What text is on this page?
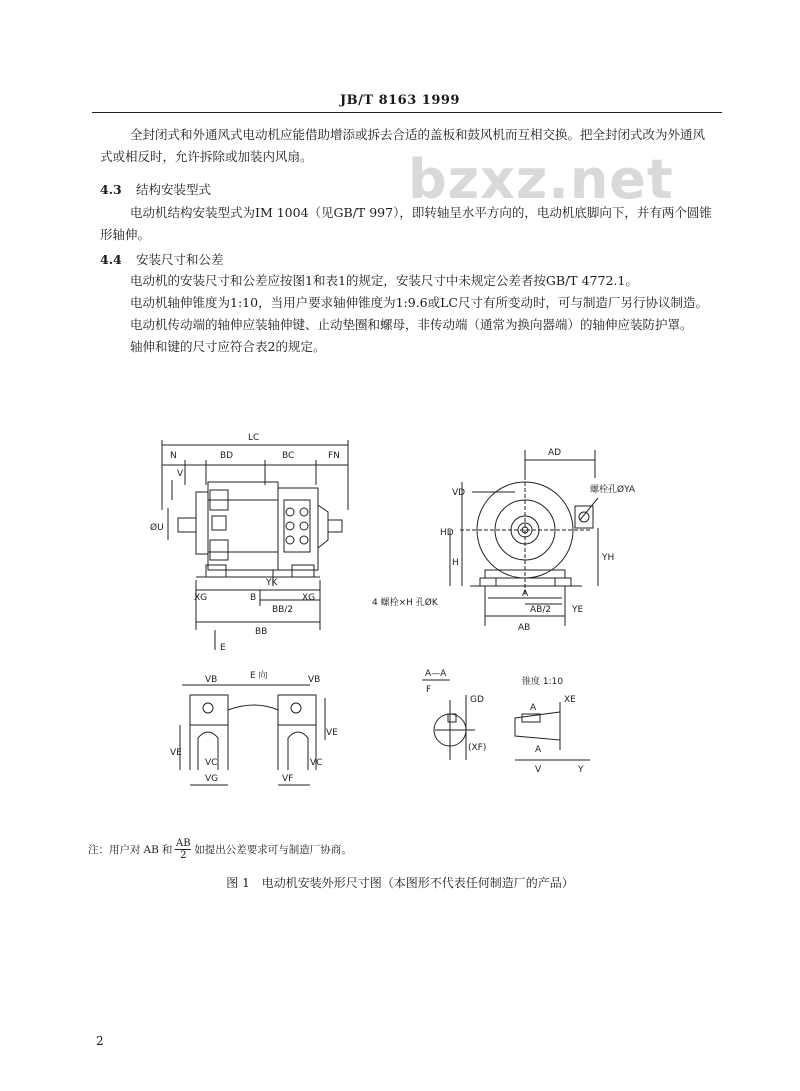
JB/T 8163 1999
bzxz.net

全封闭式和外通风式电动机应能借助增添或拆去合适的盖板和鼓风机而互相交换。把全封闭式改为外通风式或相反时，允许拆除或加装内风扇。

4.3 结构安装型式

电动机结构安装型式为IM 1004（见GB/T 997），即转轴呈水平方向的，电动机底脚向下，并有两个圆锥形轴伸。

4.4 安装尺寸和公差

电动机的安装尺寸和公差应按图1和表1的规定，安装尺寸中未规定公差者按GB/T 4772.1。

电动机轴伸锥度为1:10，当用户要求轴伸锥度为1:9.6或LC尺寸有所变动时，可与制造厂另行协议制造。

电动机传动端的轴伸应装轴伸键、止动垫圈和螺母，非传动端（通常为换向器端）的轴伸应装防护罩。

轴伸和键的尺寸应符合表2的规定。

LC
N
V
BD	BC	FN
ØU
YK
XG	B	XG
BB/2
BB
E
AD
VD	螺栓孔ØYA
HD
H	YH
A
AB/2 YE
4 螺栓×H 孔ØK
AB
VB	E 向	VB
VE
VE
VC
VG	VF
VC
A—A
F
GD
(XF)
锥度 1:10
A
XE
A
V	Y
注：用户对 AB 和 $\frac{AB}{2}$ 如提出公差要求可与制造厂协商。
图 1　电动机安装外形尺寸图（本图形不代表任何制造厂的产品）
2
